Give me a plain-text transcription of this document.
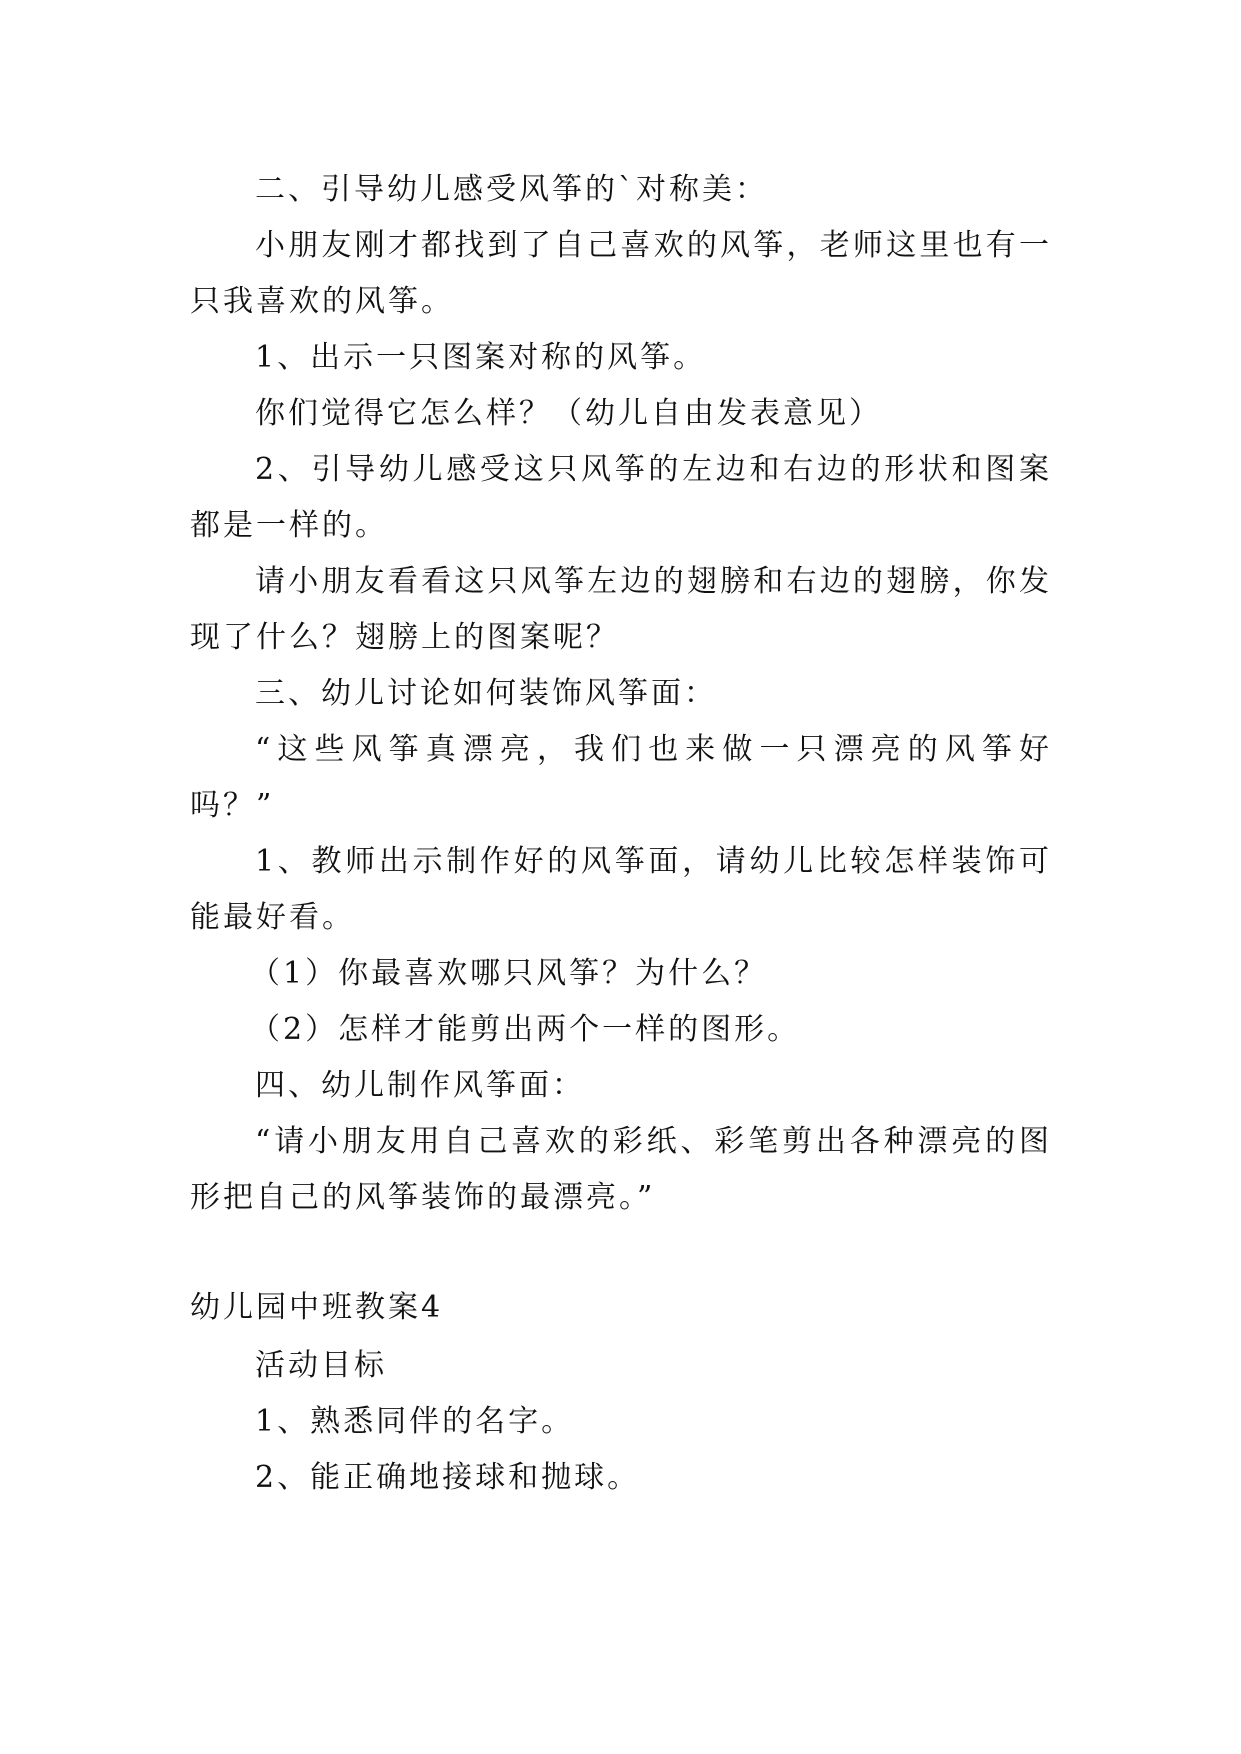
二、引导幼儿感受风筝的`对称美：
小朋友刚才都找到了自己喜欢的风筝，老师这里也有一
只我喜欢的风筝。
1、出示一只图案对称的风筝。
你们觉得它怎么样？（幼儿自由发表意见）
2、引导幼儿感受这只风筝的左边和右边的形状和图案
都是一样的。
请小朋友看看这只风筝左边的翅膀和右边的翅膀，你发
现了什么？翅膀上的图案呢？
三、幼儿讨论如何装饰风筝面：
“这些风筝真漂亮，我们也来做一只漂亮的风筝好
吗？”
1、教师出示制作好的风筝面，请幼儿比较怎样装饰可
能最好看。
（1）你最喜欢哪只风筝？为什么？
（2）怎样才能剪出两个一样的图形。
四、幼儿制作风筝面：
“请小朋友用自己喜欢的彩纸、彩笔剪出各种漂亮的图
形把自己的风筝装饰的最漂亮。”
幼儿园中班教案4
活动目标
1、熟悉同伴的名字。
2、能正确地接球和抛球。
